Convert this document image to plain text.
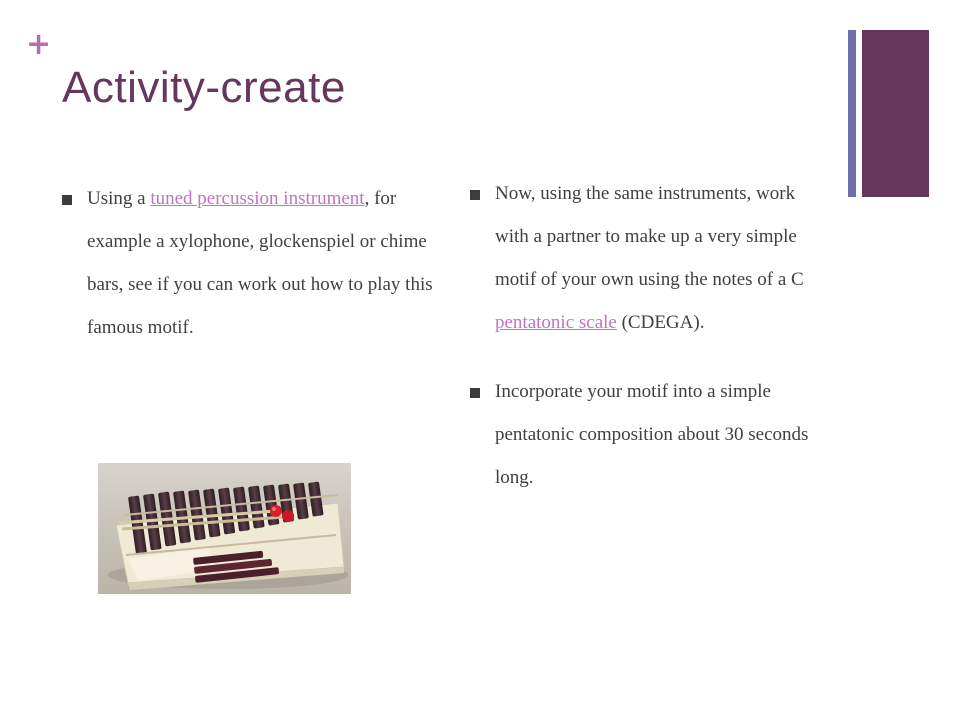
+
Activity-create
Using a tuned percussion instrument, for example a xylophone, glockenspiel or chime bars, see if you can work out how to play this famous motif.
Now, using the same instruments, work with a partner to make up a very simple motif of your own using the notes of a C pentatonic scale (CDEGA).
Incorporate your motif into a simple pentatonic composition about 30 seconds long.
